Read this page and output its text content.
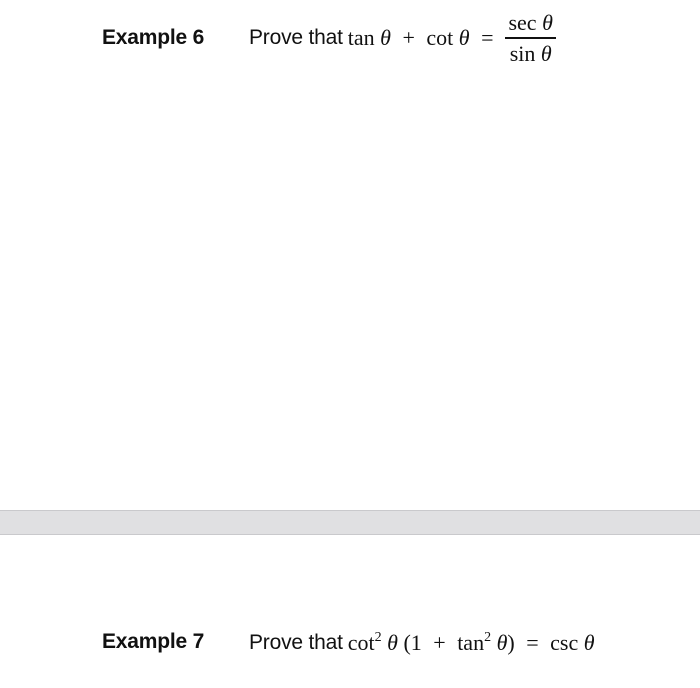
Example 6 Prove that $\tan \theta + \cot \theta = \frac{\text{sec θ}}{\text{sin θ}}$
Example 7 Prove that $\cot^2 \theta$ $(1 + \tan^2 \theta) = \csc \theta$
